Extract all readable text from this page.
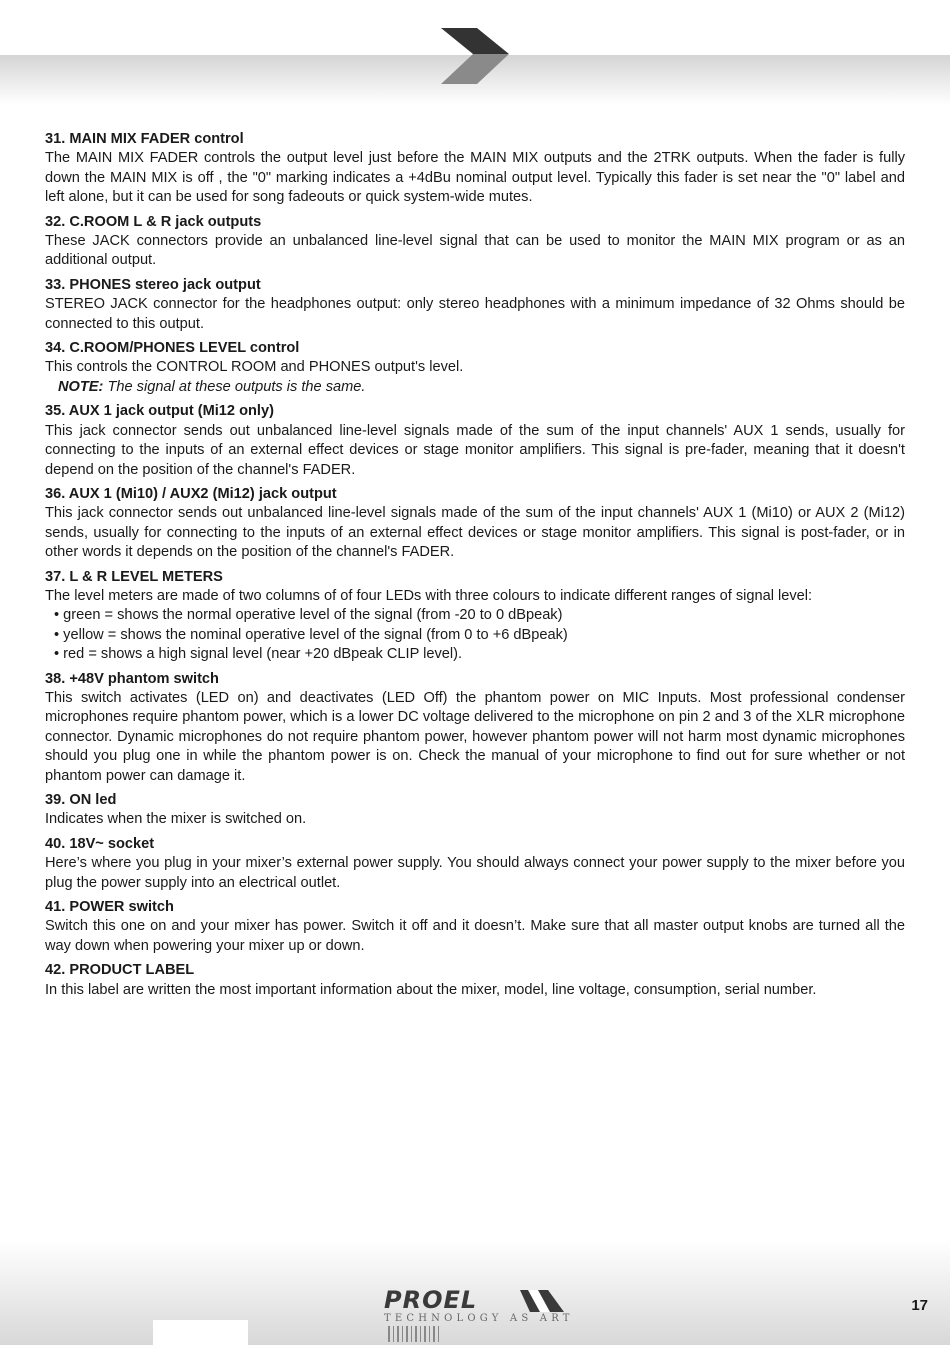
31. MAIN MIX FADER control
The MAIN MIX FADER controls the output level just before the MAIN MIX outputs and the 2TRK outputs. When the fader is fully down the MAIN MIX is off , the "0" marking indicates a +4dBu nominal output level. Typically this fader is set near the "0" label and left alone, but it can be used for song fadeouts or quick system-wide mutes.
32. C.ROOM L & R jack outputs
These JACK connectors provide an unbalanced line-level signal that can be used to monitor the MAIN MIX program or as an additional output.
33. PHONES stereo jack output
STEREO JACK connector for the headphones output: only stereo headphones with a minimum impedance of 32 Ohms should be connected to this output.
34. C.ROOM/PHONES LEVEL control
This controls the CONTROL ROOM and PHONES output's level.
NOTE: The signal at these outputs is the same.
35. AUX 1 jack output (Mi12 only)
This jack connector sends out unbalanced line-level signals made of the sum of the input channels' AUX 1 sends, usually for connecting to the inputs of an external effect devices or stage monitor amplifiers. This signal is pre-fader, meaning that it doesn't depend on the position of the channel's FADER.
36. AUX 1 (Mi10) / AUX2 (Mi12) jack output
This jack connector sends out unbalanced line-level signals made of the sum of the input channels' AUX 1 (Mi10) or AUX 2 (Mi12) sends, usually for connecting to the inputs of an external effect devices or stage monitor amplifiers. This signal is post-fader, or in other words it depends on the position of the channel's FADER.
37. L & R LEVEL METERS
The level meters are made of two columns of of four LEDs with three colours to indicate different ranges of signal level:
• green = shows the normal operative level of the signal (from -20 to 0 dBpeak)
• yellow = shows the nominal operative level of the signal (from 0 to +6 dBpeak)
• red = shows a high signal level (near +20 dBpeak CLIP level).
38. +48V phantom switch
This switch activates (LED on) and deactivates (LED Off) the phantom power on MIC Inputs. Most professional condenser microphones require phantom power, which is a lower DC voltage delivered to the microphone on pin 2 and 3 of the XLR microphone connector. Dynamic microphones do not require phantom power, however phantom power will not harm most dynamic microphones should you plug one in while the phantom power is on. Check the manual of your microphone to find out for sure whether or not phantom power can damage it.
39. ON led
Indicates when the mixer is switched on.
40. 18V~ socket
Here’s where you plug in your mixer’s external power supply. You should always connect your power supply to the mixer before you plug the power supply into an electrical outlet.
41. POWER switch
Switch this one on and your mixer has power. Switch it off and it doesn’t. Make sure that all master output knobs are turned all the way down when powering your mixer up or down.
42. PRODUCT LABEL
In this label are written the most important information about the mixer, model, line voltage, consumption, serial number.
PROEL
TECHNOLOGY AS ART
17
